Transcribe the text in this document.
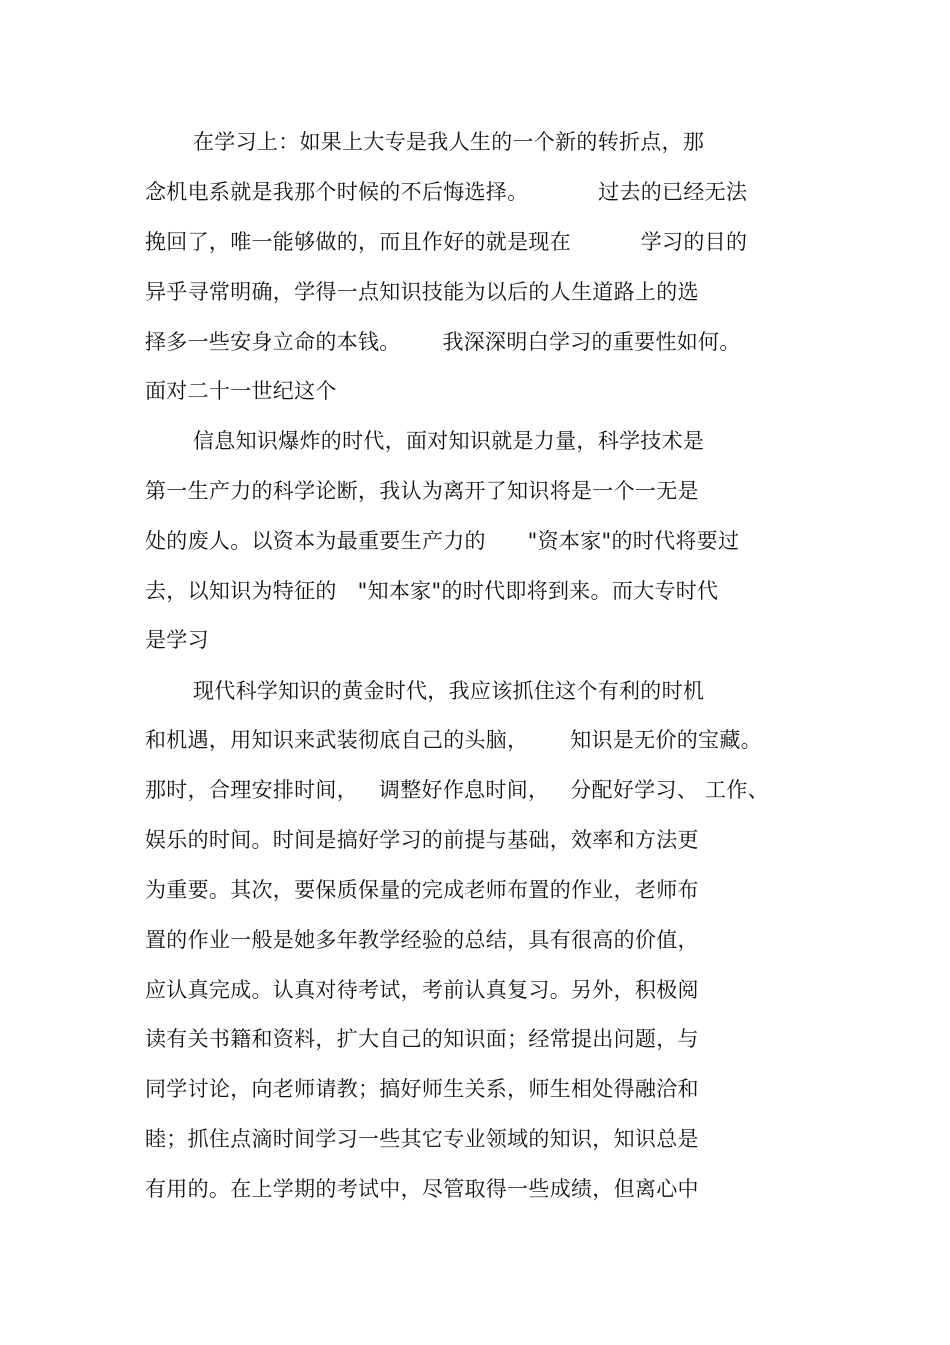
在学习上：如果上大专是我人生的一个新的转折点，那
念机电系就是我那个时候的不后悔选择。          过去的已经无法
挽回了，唯一能够做的，而且作好的就是现在          学习的目的
异乎寻常明确，学得一点知识技能为以后的人生道路上的选
择多一些安身立命的本钱。      我深深明白学习的重要性如何。
面对二十一世纪这个
信息知识爆炸的时代，面对知识就是力量，科学技术是
第一生产力的科学论断，我认为离开了知识将是一个一无是
处的废人。以资本为最重要生产力的      "资本家"的时代将要过
去，以知识为特征的   "知本家"的时代即将到来。而大专时代
是学习
现代科学知识的黄金时代，我应该抓住这个有利的时机
和机遇，用知识来武装彻底自己的头脑，      知识是无价的宝藏。
那时，合理安排时间，   调整好作息时间，   分配好学习、 工作、
娱乐的时间。时间是搞好学习的前提与基础，效率和方法更
为重要。其次，要保质保量的完成老师布置的作业，老师布
置的作业一般是她多年教学经验的总结，具有很高的价值，
应认真完成。认真对待考试，考前认真复习。另外，积极阅
读有关书籍和资料，扩大自己的知识面；经常提出问题，与
同学讨论，向老师请教；搞好师生关系，师生相处得融洽和
睦；抓住点滴时间学习一些其它专业领域的知识，知识总是
有用的。在上学期的考试中，尽管取得一些成绩，但离心中
